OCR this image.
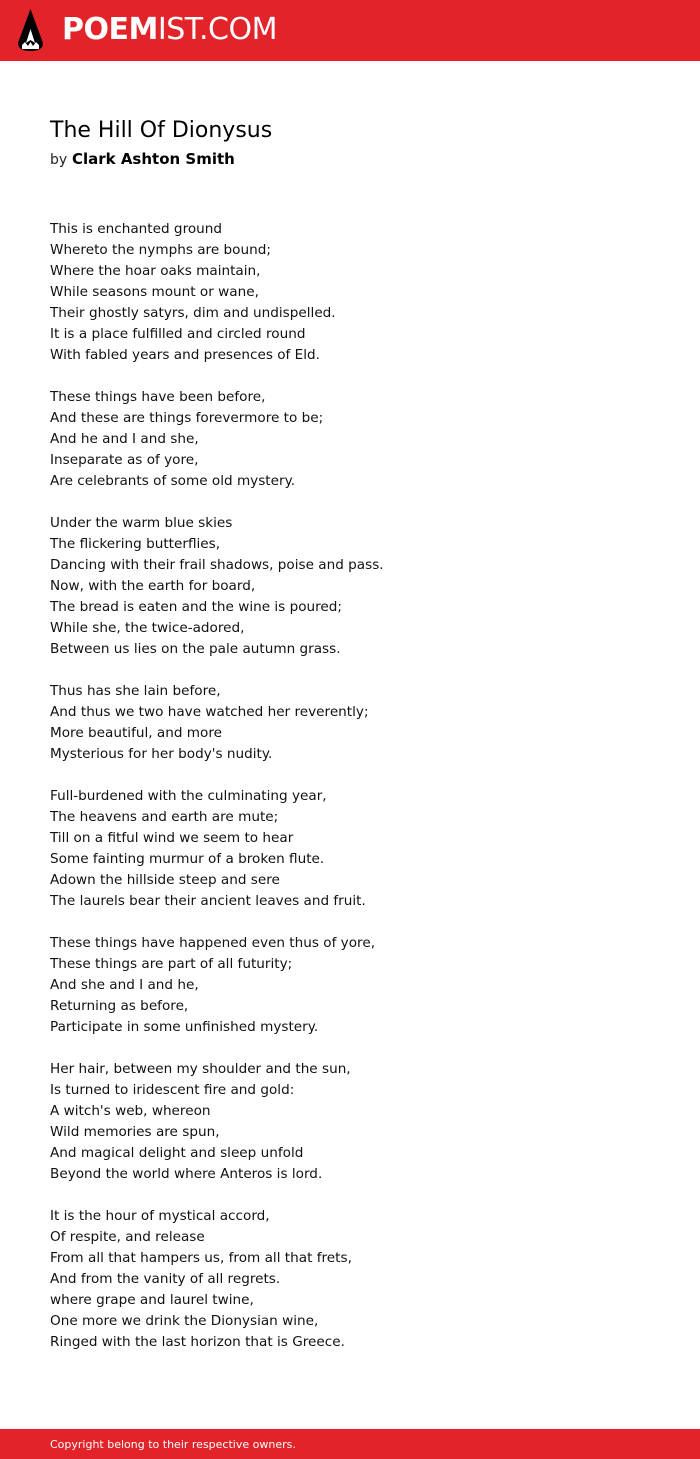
POEMIST.COM
The Hill Of Dionysus
by Clark Ashton Smith
This is enchanted ground
Whereto the nymphs are bound;
Where the hoar oaks maintain,
While seasons mount or wane,
Their ghostly satyrs, dim and undispelled.
It is a place fulfilled and circled round
With fabled years and presences of Eld.
These things have been before,
And these are things forevermore to be;
And he and I and she,
Inseparate as of yore,
Are celebrants of some old mystery.
Under the warm blue skies
The flickering butterflies,
Dancing with their frail shadows, poise and pass.
Now, with the earth for board,
The bread is eaten and the wine is poured;
While she, the twice-adored,
Between us lies on the pale autumn grass.
Thus has she lain before,
And thus we two have watched her reverently;
More beautiful, and more
Mysterious for her body's nudity.
Full-burdened with the culminating year,
The heavens and earth are mute;
Till on a fitful wind we seem to hear
Some fainting murmur of a broken flute.
Adown the hillside steep and sere
The laurels bear their ancient leaves and fruit.
These things have happened even thus of yore,
These things are part of all futurity;
And she and I and he,
Returning as before,
Participate in some unfinished mystery.
Her hair, between my shoulder and the sun,
Is turned to iridescent fire and gold:
A witch's web, whereon
Wild memories are spun,
And magical delight and sleep unfold
Beyond the world where Anteros is lord.
It is the hour of mystical accord,
Of respite, and release
From all that hampers us, from all that frets,
And from the vanity of all regrets.
where grape and laurel twine,
One more we drink the Dionysian wine,
Ringed with the last horizon that is Greece.
Copyright belong to their respective owners.
